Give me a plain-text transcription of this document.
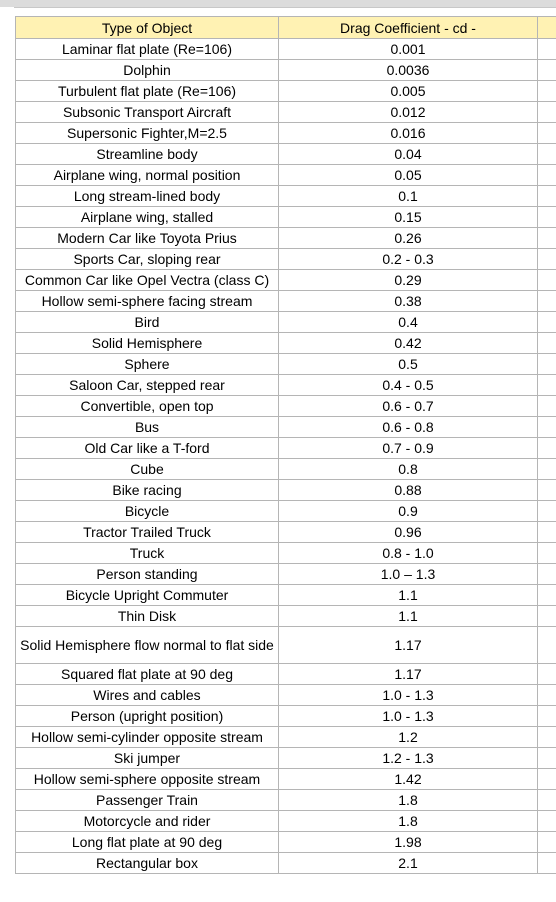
Type of Object	Drag Coefficient - cd -	
Laminar flat plate (Re=106)	0.001	
Dolphin	0.0036	
Turbulent flat plate (Re=106)	0.005	
Subsonic Transport Aircraft	0.012	
Supersonic Fighter,M=2.5	0.016	
Streamline body	0.04	
Airplane wing, normal position	0.05	
Long stream-lined body	0.1	
Airplane wing, stalled	0.15	
Modern Car like Toyota Prius	0.26	
Sports Car, sloping rear	0.2 - 0.3	
Common Car like Opel Vectra (class C)	0.29	
Hollow semi-sphere facing stream	0.38	
Bird	0.4	
Solid Hemisphere	0.42	
Sphere	0.5	
Saloon Car, stepped rear	0.4 - 0.5	
Convertible, open top	0.6 - 0.7	
Bus	0.6 - 0.8	
Old Car like a T-ford	0.7 - 0.9	
Cube	0.8	
Bike racing	0.88	
Bicycle	0.9	
Tractor Trailed Truck	0.96	
Truck	0.8 - 1.0	
Person standing	1.0 – 1.3	
Bicycle Upright Commuter	1.1	
Thin Disk	1.1	
Solid Hemisphere flow normal to flat side	1.17	
Squared flat plate at 90 deg	1.17	
Wires and cables	1.0 - 1.3	
Person (upright position)	1.0 - 1.3	
Hollow semi-cylinder opposite stream	1.2	
Ski jumper	1.2 - 1.3	
Hollow semi-sphere opposite stream	1.42	
Passenger Train	1.8	
Motorcycle and rider	1.8	
Long flat plate at 90 deg	1.98	
Rectangular box	2.1	
